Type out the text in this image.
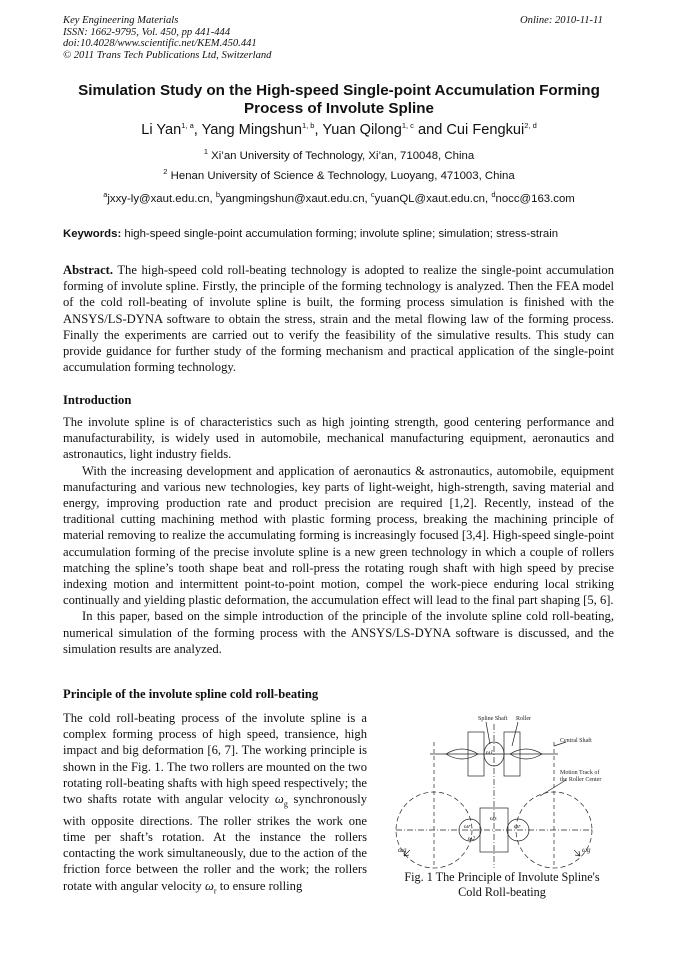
Key Engineering Materials
ISSN: 1662-9795, Vol. 450, pp 441-444
doi:10.4028/www.scientific.net/KEM.450.441
© 2011 Trans Tech Publications Ltd, Switzerland
Online: 2010-11-11
Simulation Study on the High-speed Single-point Accumulation Forming
Process of Involute Spline
Li Yan$^{1, a}$, Yang Mingshun$^{1, b}$, Yuan Qilong$^{1, c}$ and Cui Fengkui$^{2, d}$
$^1$ Xi’an University of Technology, Xi’an, 710048, China
$^2$ Henan University of Science & Technology, Luoyang, 471003, China
$^a$jxxy-ly@xaut.edu.cn, $^b$yangmingshun@xaut.edu.cn, $^c$yuanQL@xaut.edu.cn, $^d$nocc@163.com
Keywords: high-speed single-point accumulation forming; involute spline; simulation; stress-strain

Abstract. The high-speed cold roll-beating technology is adopted to realize the single-point accumulation forming of involute spline. Firstly, the principle of the forming technology is analyzed. Then the FEA model of the cold roll-beating of involute spline is built, the forming process simulation is finished with the ANSYS/LS-DYNA software to obtain the stress, strain and the metal flowing law of the forming process. Finally the experiments are carried out to verify the feasibility of the simulative results. This study can provide guidance for further study of the forming mechanism and practical application of the single-point accumulation forming technology.

Introduction

The involute spline is of characteristics such as high jointing strength, good centering performance and manufacturability, is widely used in automobile, mechanical manufacturing equipment, aeronautics and astronautics, light industry fields.

With the increasing development and application of aeronautics & astronautics, automobile, equipment manufacturing and various new technologies, key parts of light-weight, high-strength, saving material and energy, improving production rate and product precision are required [1,2]. Recently, instead of the traditional cutting machining method with plastic forming process, breaking the machining principle of material removing to realize the accumulating forming is increasingly focused [3,4]. High-speed single-point accumulation forming of the precise involute spline is a new green technology in which a couple of rollers matching the spline’s tooth shape beat and roll-press the rotating rough shaft with high speed by precise indexing motion and intermittent point-to-point motion, compel the work-piece enduring local striking continually and yielding plastic deformation, the accumulation effect will lead to the final part shaping [5, 6].

In this paper, based on the simple introduction of the principle of the involute spline cold roll-beating, numerical simulation of the forming process with the ANSYS/LS-DYNA software is discussed, and the simulation results are analyzed.

Principle of the involute spline cold roll-beating

The cold roll-beating process of the involute spline is a complex forming process of high speed, transience, high impact and big deformation [6, 7]. The working principle is shown in the Fig. 1. The two rollers are mounted on the two rotating roll-beating shafts with high speed respectively; the two shafts rotate with angular velocity $\omega_g$ synchronously with opposite directions. The roller strikes the work one time per shaft’s rotation. At the instance the rollers contacting the work simultaneously, due to the action of the friction force between the roller and the work; the rollers rotate with angular velocity $\omega_r$ to ensure rolling

Spline Shaft Roller
Central Shaft
Motion Track of
the Roller Center
ωg	ωg
ωr	ωr
ω1
ω2
ωs
Fig. 1 The Principle of Involute Spline's
Cold Roll-beating
